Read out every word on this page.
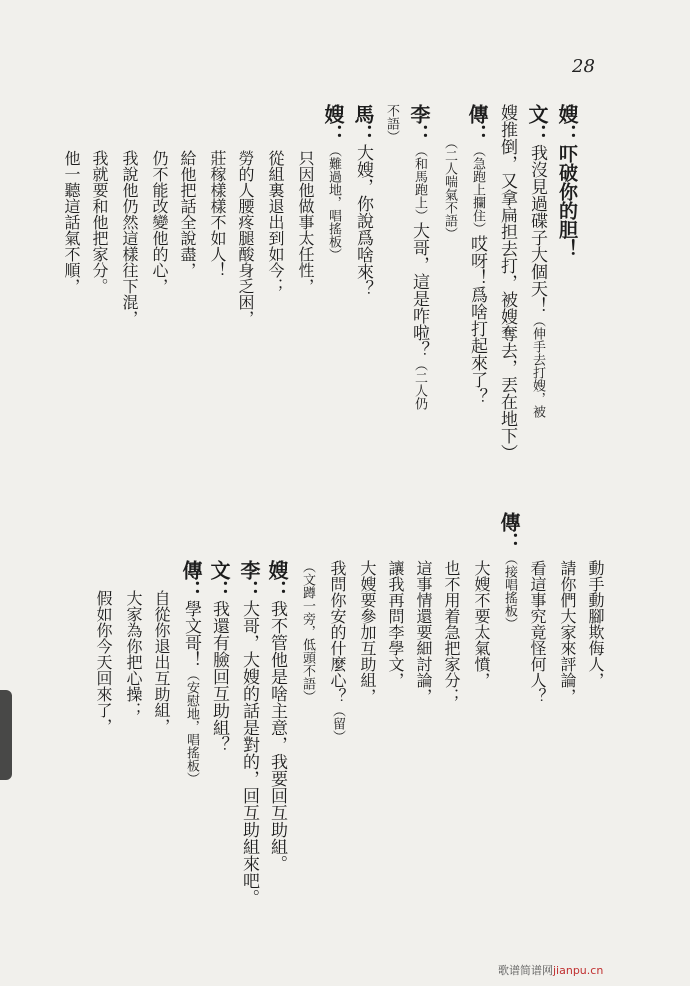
28
嫂：吓破你的胆！
文：我沒見過碟子大個天！（伸手去打嫂，被
嫂推倒，又拿扁担去打，被嫂奪去，丟在地下）
傳：（急跑上攔住）哎呀！爲啥打起來了？
（二人喘氣不語）
李：（和馬跑上）大哥，這是咋啦？（二人仍
不語）
馬：大嫂，你說爲啥來？
嫂：（難過地，唱搖板）
只因他做事太任性，
從組裏退出到如今；
勞的人腰疼腿酸身乏困，
莊稼樣樣不如人！
給他把話全說盡，
仍不能改變他的心，
我說他仍然這樣往下混，
我就要和他把家分。
他一聽這話氣不順，
動手動腳欺侮人，
請你們大家來評論，
看這事究竟怪何人？
傳：（接唱搖板）
大嫂不要太氣憤，
也不用着急把家分；
這事情還要細討論，
讓我再問李學文，
大嫂要參加互助組，
我問你安的什麼心？（留）
（文蹲一旁，低頭不語）
嫂：我不管他是啥主意，我要回互助組。
李：大哥，大嫂的話是對的，回互助組來吧。
文：我還有臉回互助組？
傳：學文哥！（安慰地，唱搖板）
自從你退出互助組，
大家為你把心操；
假如你今天回來了，
歌谱简谱网jianpu.cn
